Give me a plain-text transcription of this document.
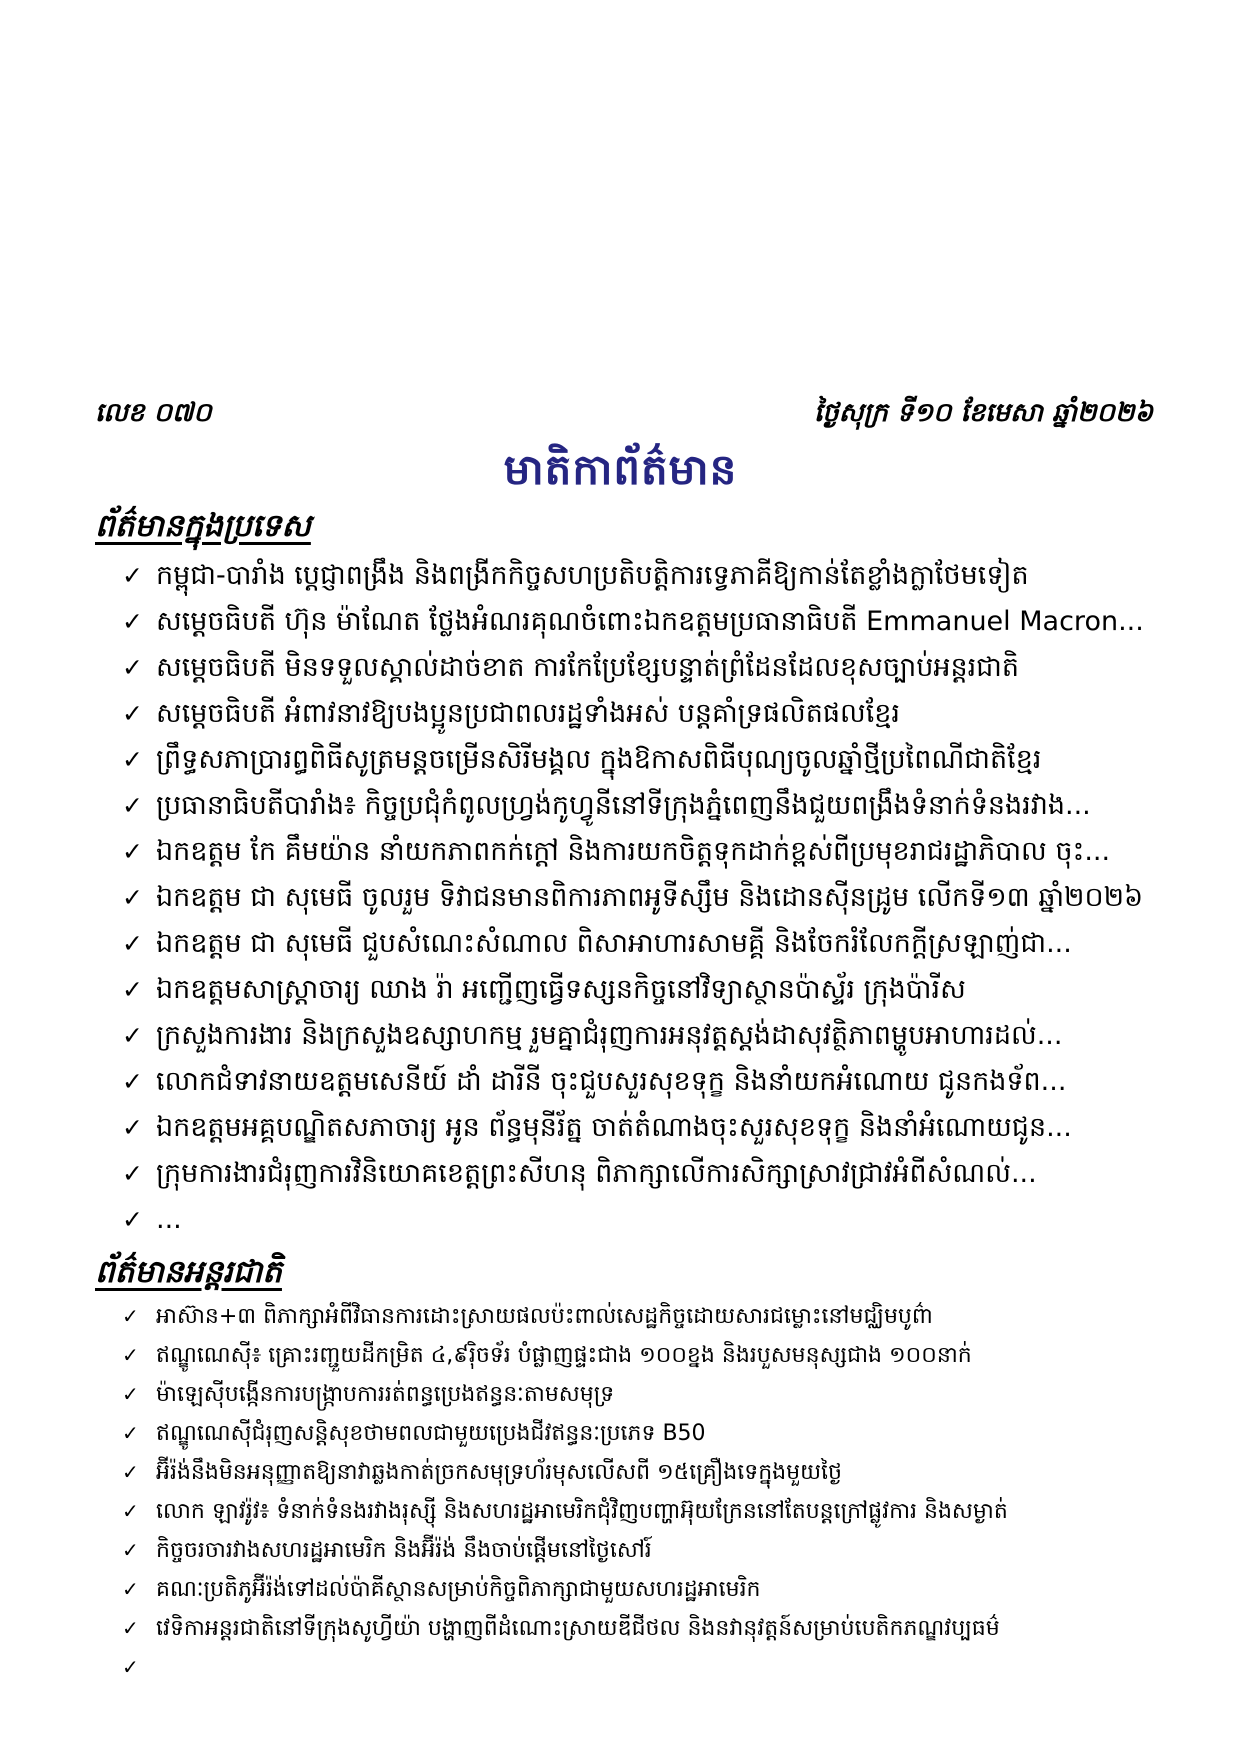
លេខ ០៧០	ថ្ងៃសុក្រ ទី១០ ខែមេសា ឆ្នាំ២០២៦
មាតិកាព័ត៌មាន
ព័ត៌មានក្នុងប្រទេស
✓ កម្ពុជា-បារាំង ប្តេជ្ញាពង្រឹង និងពង្រីកកិច្ចសហប្រតិបត្តិការទ្វេភាគីឱ្យកាន់តែខ្លាំងក្លាថែមទៀត
✓ សម្តេចធិបតី ហ៊ុន ម៉ាណែត ថ្លែងអំណរគុណចំពោះឯកឧត្តមប្រធានាធិបតី Emmanuel Macron...
✓ សម្តេចធិបតី មិនទទួលស្គាល់ដាច់ខាត ការកែប្រែខ្សែបន្ទាត់ព្រំដែនដែលខុសច្បាប់អន្តរជាតិ
✓ សម្តេចធិបតី អំពាវនាវឱ្យបងប្អូនប្រជាពលរដ្ឋទាំងអស់ បន្តគាំទ្រផលិតផលខ្មែរ
✓ ព្រឹទ្ធសភាប្រារព្ធពិធីសូត្រមន្តចម្រើនសិរីមង្គល ក្នុងឱកាសពិធីបុណ្យចូលឆ្នាំថ្មីប្រពៃណីជាតិខ្មែរ
✓ ប្រធានាធិបតីបារាំង៖ កិច្ចប្រជុំកំពូលហ្វ្រង់កូហ្វូនីនៅទីក្រុងភ្នំពេញនឹងជួយពង្រឹងទំនាក់ទំនងរវាង...
✓ ឯកឧត្តម កែ គឹមយ៉ាន នាំយកភាពកក់ក្តៅ និងការយកចិត្តទុកដាក់ខ្ពស់ពីប្រមុខរាជរដ្ឋាភិបាល ចុះ...
✓ ឯកឧត្តម ជា សុមេធី ចូលរួម ទិវាជនមានពិការភាពអូទីស្សឹម និងដោនស៊ីនដ្រូម លើកទី១៣ ឆ្នាំ២០២៦
✓ ឯកឧត្តម ជា សុមេធី ជួបសំណេះសំណាល ពិសាអាហារសាមគ្គី និងចែករំលែកក្តីស្រឡាញ់ជា...
✓ ឯកឧត្តមសាស្រ្តាចារ្យ ឈាង រ៉ា អញ្ជើញធ្វើទស្សនកិច្ចនៅវិទ្យាស្ថានប៉ាស្ទ័រ ក្រុងប៉ារីស
✓ ក្រសួងការងារ និងក្រសួងឧស្សាហកម្ម រួមគ្នាជំរុញការអនុវត្តស្តង់ដាសុវត្ថិភាពម្ហូបអាហារដល់...
✓ លោកជំទាវនាយឧត្តមសេនីយ៍ ដាំ ដារីនី ចុះជួបសួរសុខទុក្ខ និងនាំយកអំណោយ ជូនកងទ័ព...
✓ ឯកឧត្តមអគ្គបណ្ឌិតសភាចារ្យ អូន ព័ន្ធមុនីរ័ត្ន ចាត់តំណាងចុះសួរសុខទុក្ខ និងនាំអំណោយជូន...
✓ ក្រុមការងារជំរុញការវិនិយោគខេត្តព្រះសីហនុ ពិភាក្សាលើការសិក្សាស្រាវជ្រាវអំពីសំណល់...
✓ ...
ព័ត៌មានអន្តរជាតិ
✓ អាស៊ាន+៣ ពិភាក្សាអំពីវិធានការដោះស្រាយផលប៉ះពាល់សេដ្ឋកិច្ចដោយសារជម្លោះនៅមជ្ឈិមបូព៌ា
✓ ឥណ្ឌូណេស៊ី៖ គ្រោះរញ្ជួយដីកម្រិត ៤,៩រ៉ិចទ័រ បំផ្លាញផ្ទះជាង ១០០ខ្នង និងរបួសមនុស្សជាង ១០០នាក់
✓ ម៉ាឡេស៊ីបង្កើនការបង្ក្រាបការរត់ពន្ធប្រេងឥន្ធនៈតាមសមុទ្រ
✓ ឥណ្ឌូណេស៊ីជំរុញសន្តិសុខថាមពលជាមួយប្រេងជីវឥន្ធនៈប្រភេទ B50
✓ អ៊ីរ៉ង់នឹងមិនអនុញ្ញាតឱ្យនាវាឆ្លងកាត់ច្រកសមុទ្រហ័រមុសលើសពី ១៥គ្រឿងទេក្នុងមួយថ្ងៃ
✓ លោក ឡាវរ៉ូវ៖ ទំនាក់ទំនងរវាងរុស្ស៊ី និងសហរដ្ឋអាមេរិកជុំវិញបញ្ហាអ៊ុយក្រែននៅតែបន្តក្រៅផ្លូវការ និងសម្ងាត់
✓ កិច្ចចរចារវាងសហរដ្ឋអាមេរិក និងអ៊ីរ៉ង់ នឹងចាប់ផ្តើមនៅថ្ងៃសៅរ៍
✓ គណៈប្រតិភូអ៊ីរ៉ង់ទៅដល់ប៉ាគីស្ថានសម្រាប់កិច្ចពិភាក្សាជាមួយសហរដ្ឋអាមេរិក
✓ វេទិកាអន្តរជាតិនៅទីក្រុងសូហ្វីយ៉ា បង្ហាញពីដំណោះស្រាយឌីជីថល និងនវានុវត្តន៍សម្រាប់បេតិកភណ្ឌវប្បធម៌
✓
